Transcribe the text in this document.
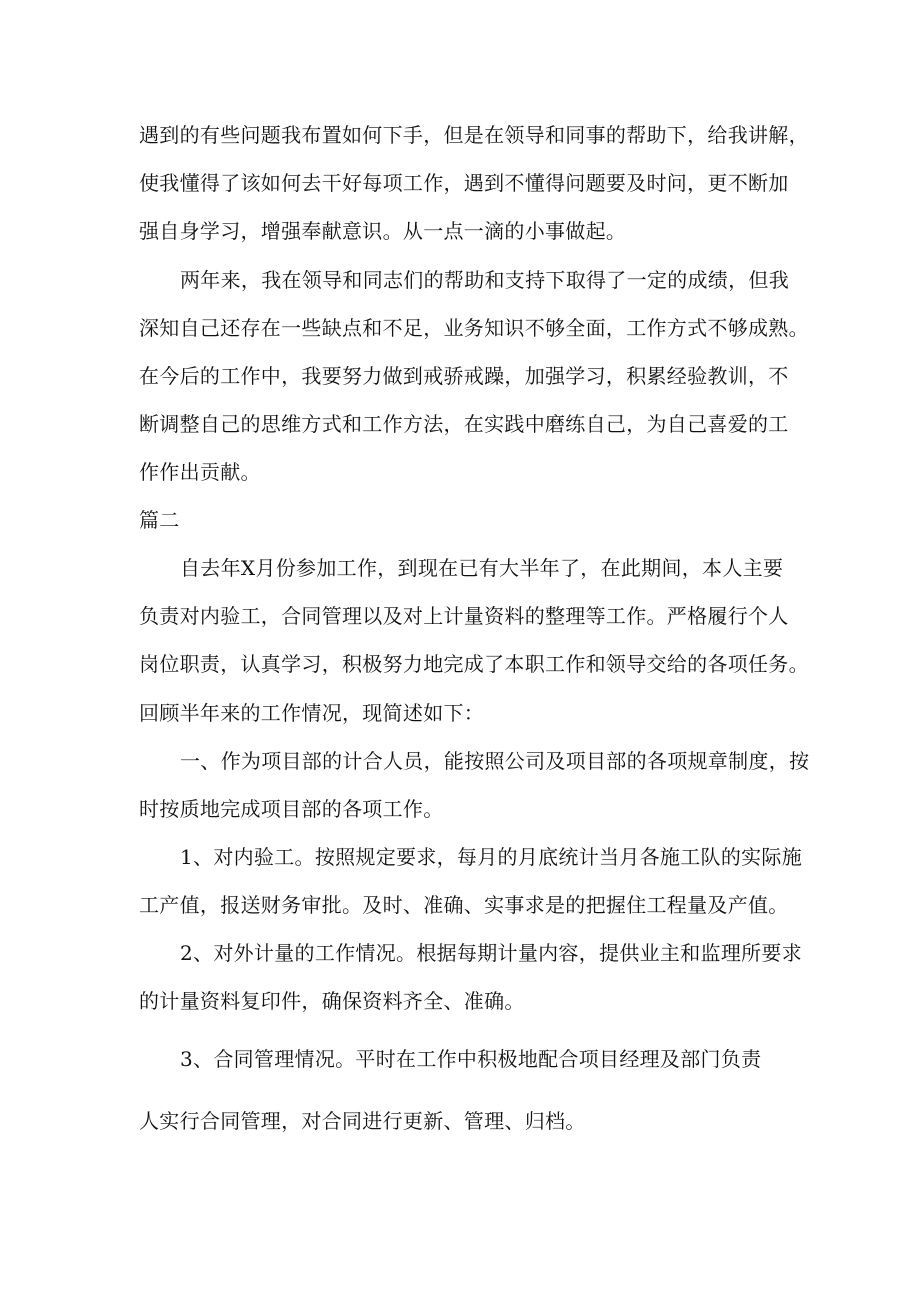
遇到的有些问题我布置如何下手，但是在领导和同事的帮助下，给我讲解，
使我懂得了该如何去干好每项工作，遇到不懂得问题要及时问，更不断加
强自身学习，增强奉献意识。从一点一滴的小事做起。
两年来，我在领导和同志们的帮助和支持下取得了一定的成绩，但我
深知自己还存在一些缺点和不足，业务知识不够全面，工作方式不够成熟。
在今后的工作中，我要努力做到戒骄戒躁，加强学习，积累经验教训，不
断调整自己的思维方式和工作方法，在实践中磨练自己，为自己喜爱的工
作作出贡献。
篇二
自去年X月份参加工作，到现在已有大半年了，在此期间，本人主要
负责对内验工，合同管理以及对上计量资料的整理等工作。严格履行个人
岗位职责，认真学习，积极努力地完成了本职工作和领导交给的各项任务。
回顾半年来的工作情况，现简述如下：
一、作为项目部的计合人员，能按照公司及项目部的各项规章制度，按
时按质地完成项目部的各项工作。
1、对内验工。按照规定要求，每月的月底统计当月各施工队的实际施
工产值，报送财务审批。及时、准确、实事求是的把握住工程量及产值。
2、对外计量的工作情况。根据每期计量内容，提供业主和监理所要求
的计量资料复印件，确保资料齐全、准确。
3、合同管理情况。平时在工作中积极地配合项目经理及部门负责
人实行合同管理，对合同进行更新、管理、归档。
